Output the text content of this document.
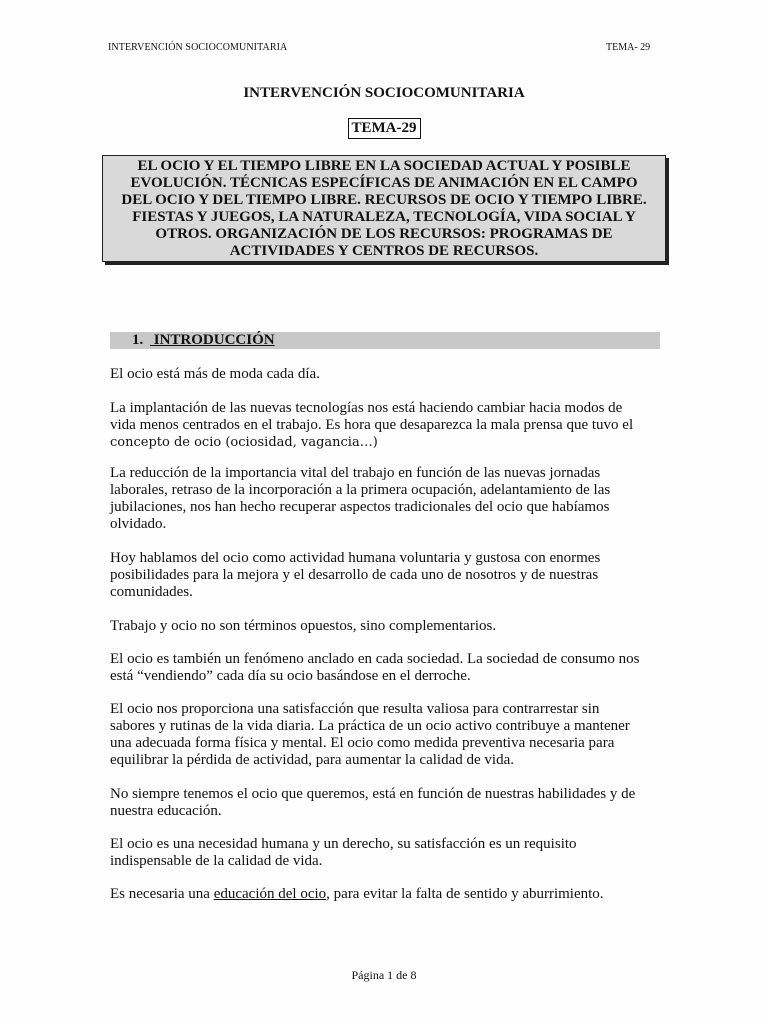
INTERVENCIÓN SOCIOCOMUNITARIA	TEMA- 29
INTERVENCIÓN SOCIOCOMUNITARIA
TEMA-29
EL OCIO Y EL TIEMPO LIBRE EN LA SOCIEDAD ACTUAL Y POSIBLE
EVOLUCIÓN. TÉCNICAS ESPECÍFICAS DE ANIMACIÓN EN EL CAMPO
DEL OCIO Y DEL TIEMPO LIBRE. RECURSOS DE OCIO Y TIEMPO LIBRE.
FIESTAS Y JUEGOS, LA NATURALEZA, TECNOLOGÍA, VIDA SOCIAL Y
OTROS. ORGANIZACIÓN DE LOS RECURSOS: PROGRAMAS DE
ACTIVIDADES Y CENTROS DE RECURSOS.
1. INTRODUCCIÓN
El ocio está más de moda cada día.
La implantación de las nuevas tecnologías nos está haciendo cambiar hacia modos de
vida menos centrados en el trabajo. Es hora que desaparezca la mala prensa que tuvo el
concepto de ocio (ociosidad, vagancia…)
La reducción de la importancia vital del trabajo en función de las nuevas jornadas
laborales, retraso de la incorporación a la primera ocupación, adelantamiento de las
jubilaciones, nos han hecho recuperar aspectos tradicionales del ocio que habíamos
olvidado.
Hoy hablamos del ocio como actividad humana voluntaria y gustosa con enormes
posibilidades para la mejora y el desarrollo de cada uno de nosotros y de nuestras
comunidades.
Trabajo y ocio no son términos opuestos, sino complementarios.
El ocio es también un fenómeno anclado en cada sociedad. La sociedad de consumo nos
está “vendiendo” cada día su ocio basándose en el derroche.
El ocio nos proporciona una satisfacción que resulta valiosa para contrarrestar sin
sabores y rutinas de la vida diaria. La práctica de un ocio activo contribuye a mantener
una adecuada forma física y mental. El ocio como medida preventiva necesaria para
equilibrar la pérdida de actividad, para aumentar la calidad de vida.
No siempre tenemos el ocio que queremos, está en función de nuestras habilidades y de
nuestra educación.
El ocio es una necesidad humana y un derecho, su satisfacción es un requisito
indispensable de la calidad de vida.
Es necesaria una educación del ocio, para evitar la falta de sentido y aburrimiento.
Página 1 de 8
